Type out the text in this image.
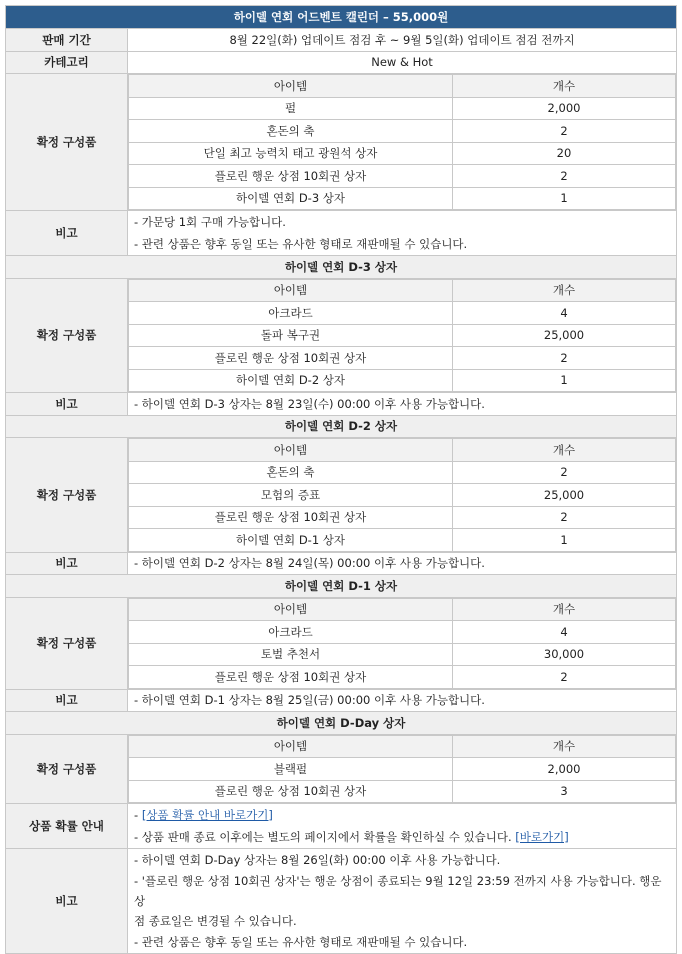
하이델 연회 어드벤트 캘린더 – 55,000원
판매 기간	8월 22일(화) 업데이트 점검 후 ~ 9월 5일(화) 업데이트 점검 전까지
카테고리	New & Hot
확정 구성품	
아이템	개수
펄	2,000
혼돈의 축	2
단일 최고 능력치 태고 광원석 상자	20
플로린 행운 상점 10회권 상자	2
하이델 연회 D-3 상자	1

비고	
- 가문당 1회 구매 가능합니다.
- 관련 상품은 향후 동일 또는 유사한 형태로 재판매될 수 있습니다.

하이델 연회 D-3 상자
확정 구성품	
아이템	개수
아크라드	4
돌파 복구권	25,000
플로린 행운 상점 10회권 상자	2
하이델 연회 D-2 상자	1

비고	- 하이델 연회 D-3 상자는 8월 23일(수) 00:00 이후 사용 가능합니다.
하이델 연회 D-2 상자
확정 구성품	
아이템	개수
혼돈의 축	2
모험의 증표	25,000
플로린 행운 상점 10회권 상자	2
하이델 연회 D-1 상자	1

비고	- 하이델 연회 D-2 상자는 8월 24일(목) 00:00 이후 사용 가능합니다.
하이델 연회 D-1 상자
확정 구성품	
아이템	개수
아크라드	4
토벌 추천서	30,000
플로린 행운 상점 10회권 상자	2

비고	- 하이델 연회 D-1 상자는 8월 25일(금) 00:00 이후 사용 가능합니다.
하이델 연회 D-Day 상자
확정 구성품	
아이템	개수
블랙펄	2,000
플로린 행운 상점 10회권 상자	3

상품 확률 안내	
- [상품 확률 안내 바로가기]
- 상품 판매 종료 이후에는 별도의 페이지에서 확률을 확인하실 수 있습니다. [바로가기]

비고	
- 하이델 연회 D-Day 상자는 8월 26일(화) 00:00 이후 사용 가능합니다.
- '플로린 행운 상점 10회권 상자'는 행운 상점이 종료되는 9월 12일 23:59 전까지 사용 가능합니다. 행운 상
점 종료일은 변경될 수 있습니다.
- 관련 상품은 향후 동일 또는 유사한 형태로 재판매될 수 있습니다.
